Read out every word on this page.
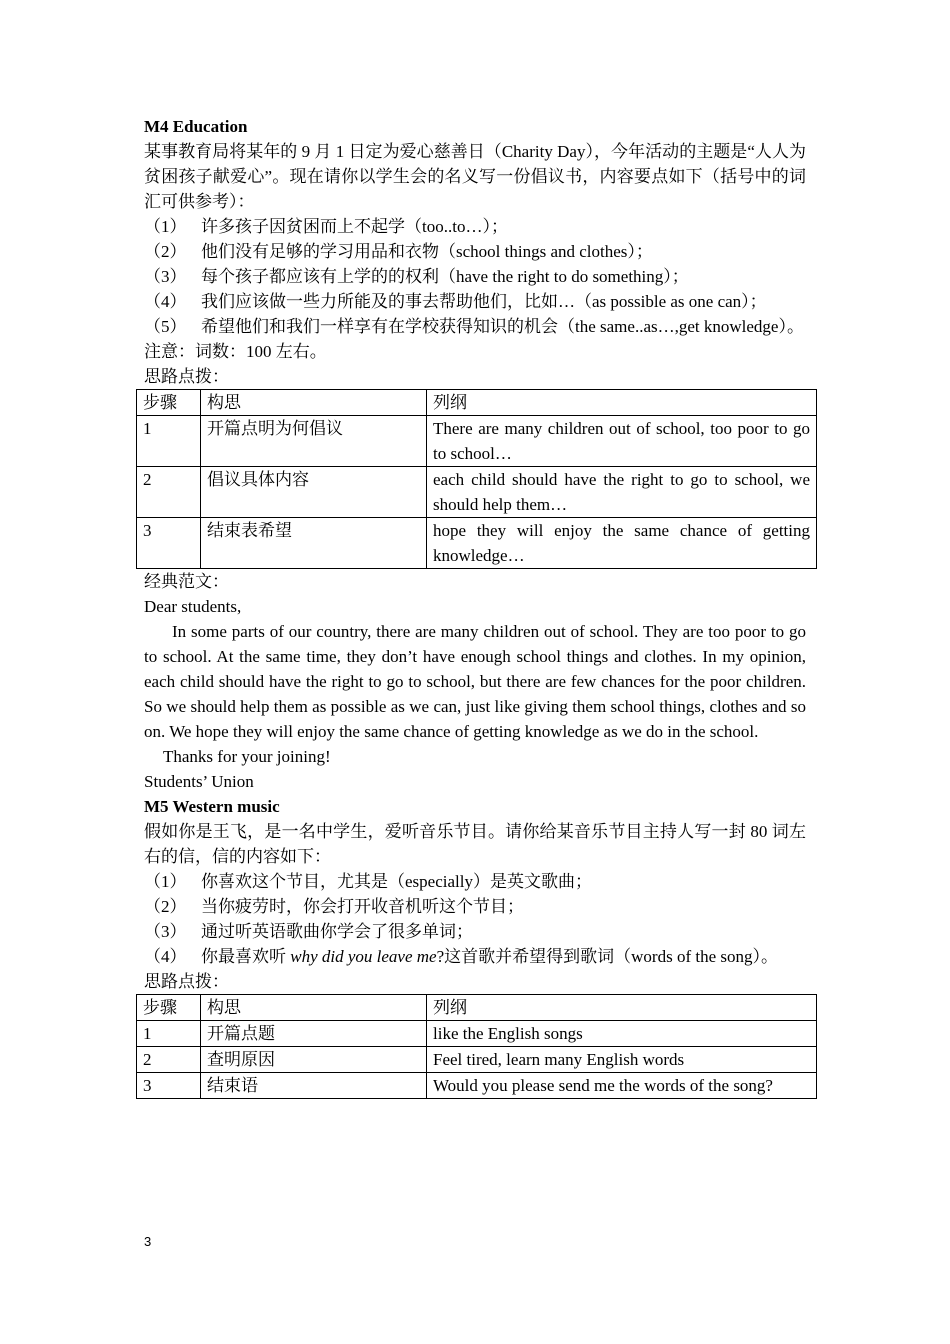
M4 Education
某事教育局将某年的 9 月 1 日定为爱心慈善日（Charity Day），今年活动的主题是“人人为贫困孩子献爱心”。现在请你以学生会的名义写一份倡议书，内容要点如下（括号中的词汇可供参考）：
（1） 许多孩子因贫困而上不起学（too..to…）；
（2） 他们没有足够的学习用品和衣物（school things and clothes）；
（3） 每个孩子都应该有上学的的权利（have the right to do something）；
（4） 我们应该做一些力所能及的事去帮助他们，比如…（as possible as one can）；
（5） 希望他们和我们一样享有在学校获得知识的机会（the same..as…,get knowledge）。
注意：词数：100 左右。
思路点拨：
步骤	构思	列纲
1	开篇点明为何倡议	There are many children out of school, too poor to go to school…
2	倡议具体内容	each child should have the right to go to school, we should help them…
3	结束表希望	hope they will enjoy the same chance of getting knowledge…
经典范文：
Dear students,

In some parts of our country, there are many children out of school. They are too poor to go to school. At the same time, they don’t have enough school things and clothes. In my opinion, each child should have the right to go to school, but there are few chances for the poor children. So we should help them as possible as we can, just like giving them school things, clothes and so on. We hope they will enjoy the same chance of getting knowledge as we do in the school.

Thanks for your joining!
Students’ Union
M5 Western music
假如你是王飞，是一名中学生，爱听音乐节目。请你给某音乐节目主持人写一封 80 词左右的信，信的内容如下：
（1） 你喜欢这个节目，尤其是（especially）是英文歌曲；
（2） 当你疲劳时，你会打开收音机听这个节目；
（3） 通过听英语歌曲你学会了很多单词；
（4） 你最喜欢听 why did you leave me?这首歌并希望得到歌词（words of the song）。
思路点拨：
步骤	构思	列纲
1	开篇点题	like the English songs
2	查明原因	Feel tired, learn many English words
3	结束语	Would you please send me the words of the song?
3
